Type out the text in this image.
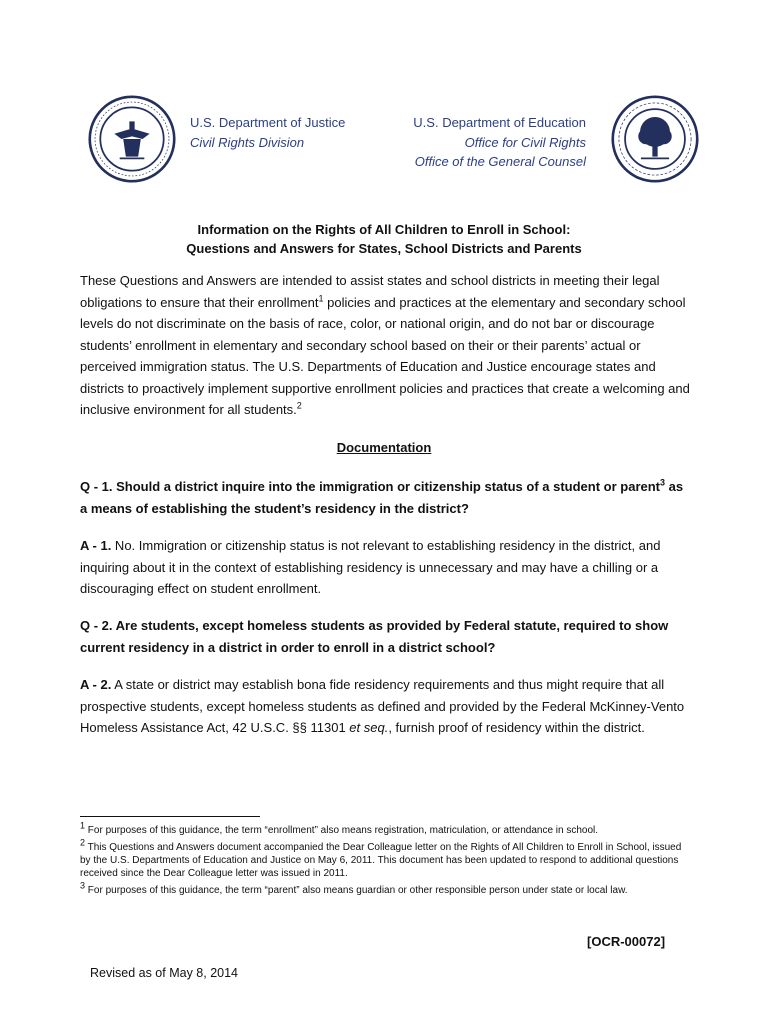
U.S. Department of Justice
Civil Rights Division
U.S. Department of Education
Office for Civil Rights
Office of the General Counsel
Information on the Rights of All Children to Enroll in School:
Questions and Answers for States, School Districts and Parents
These Questions and Answers are intended to assist states and school districts in meeting their legal obligations to ensure that their enrollment$^1$ policies and practices at the elementary and secondary school levels do not discriminate on the basis of race, color, or national origin, and do not bar or discourage students’ enrollment in elementary and secondary school based on their or their parents’ actual or perceived immigration status. The U.S. Departments of Education and Justice encourage states and districts to proactively implement supportive enrollment policies and practices that create a welcoming and inclusive environment for all students.$^2$
Documentation
Q - 1. Should a district inquire into the immigration or citizenship status of a student or parent$^3$ as a means of establishing the student’s residency in the district?
A - 1. No. Immigration or citizenship status is not relevant to establishing residency in the district, and inquiring about it in the context of establishing residency is unnecessary and may have a chilling or a discouraging effect on student enrollment.
Q - 2. Are students, except homeless students as provided by Federal statute, required to show current residency in a district in order to enroll in a district school?
A - 2. A state or district may establish bona fide residency requirements and thus might require that all prospective students, except homeless students as defined and provided by the Federal McKinney-Vento Homeless Assistance Act, 42 U.S.C. §§ 11301 et seq., furnish proof of residency within the district.
$^1$ For purposes of this guidance, the term “enrollment” also means registration, matriculation, or attendance in school.
$^2$ This Questions and Answers document accompanied the Dear Colleague letter on the Rights of All Children to Enroll in School, issued by the U.S. Departments of Education and Justice on May 6, 2011. This document has been updated to respond to additional questions received since the Dear Colleague letter was issued in 2011.
$^3$ For purposes of this guidance, the term “parent” also means guardian or other responsible person under state or local law.
[OCR-00072]
Revised as of May 8, 2014
